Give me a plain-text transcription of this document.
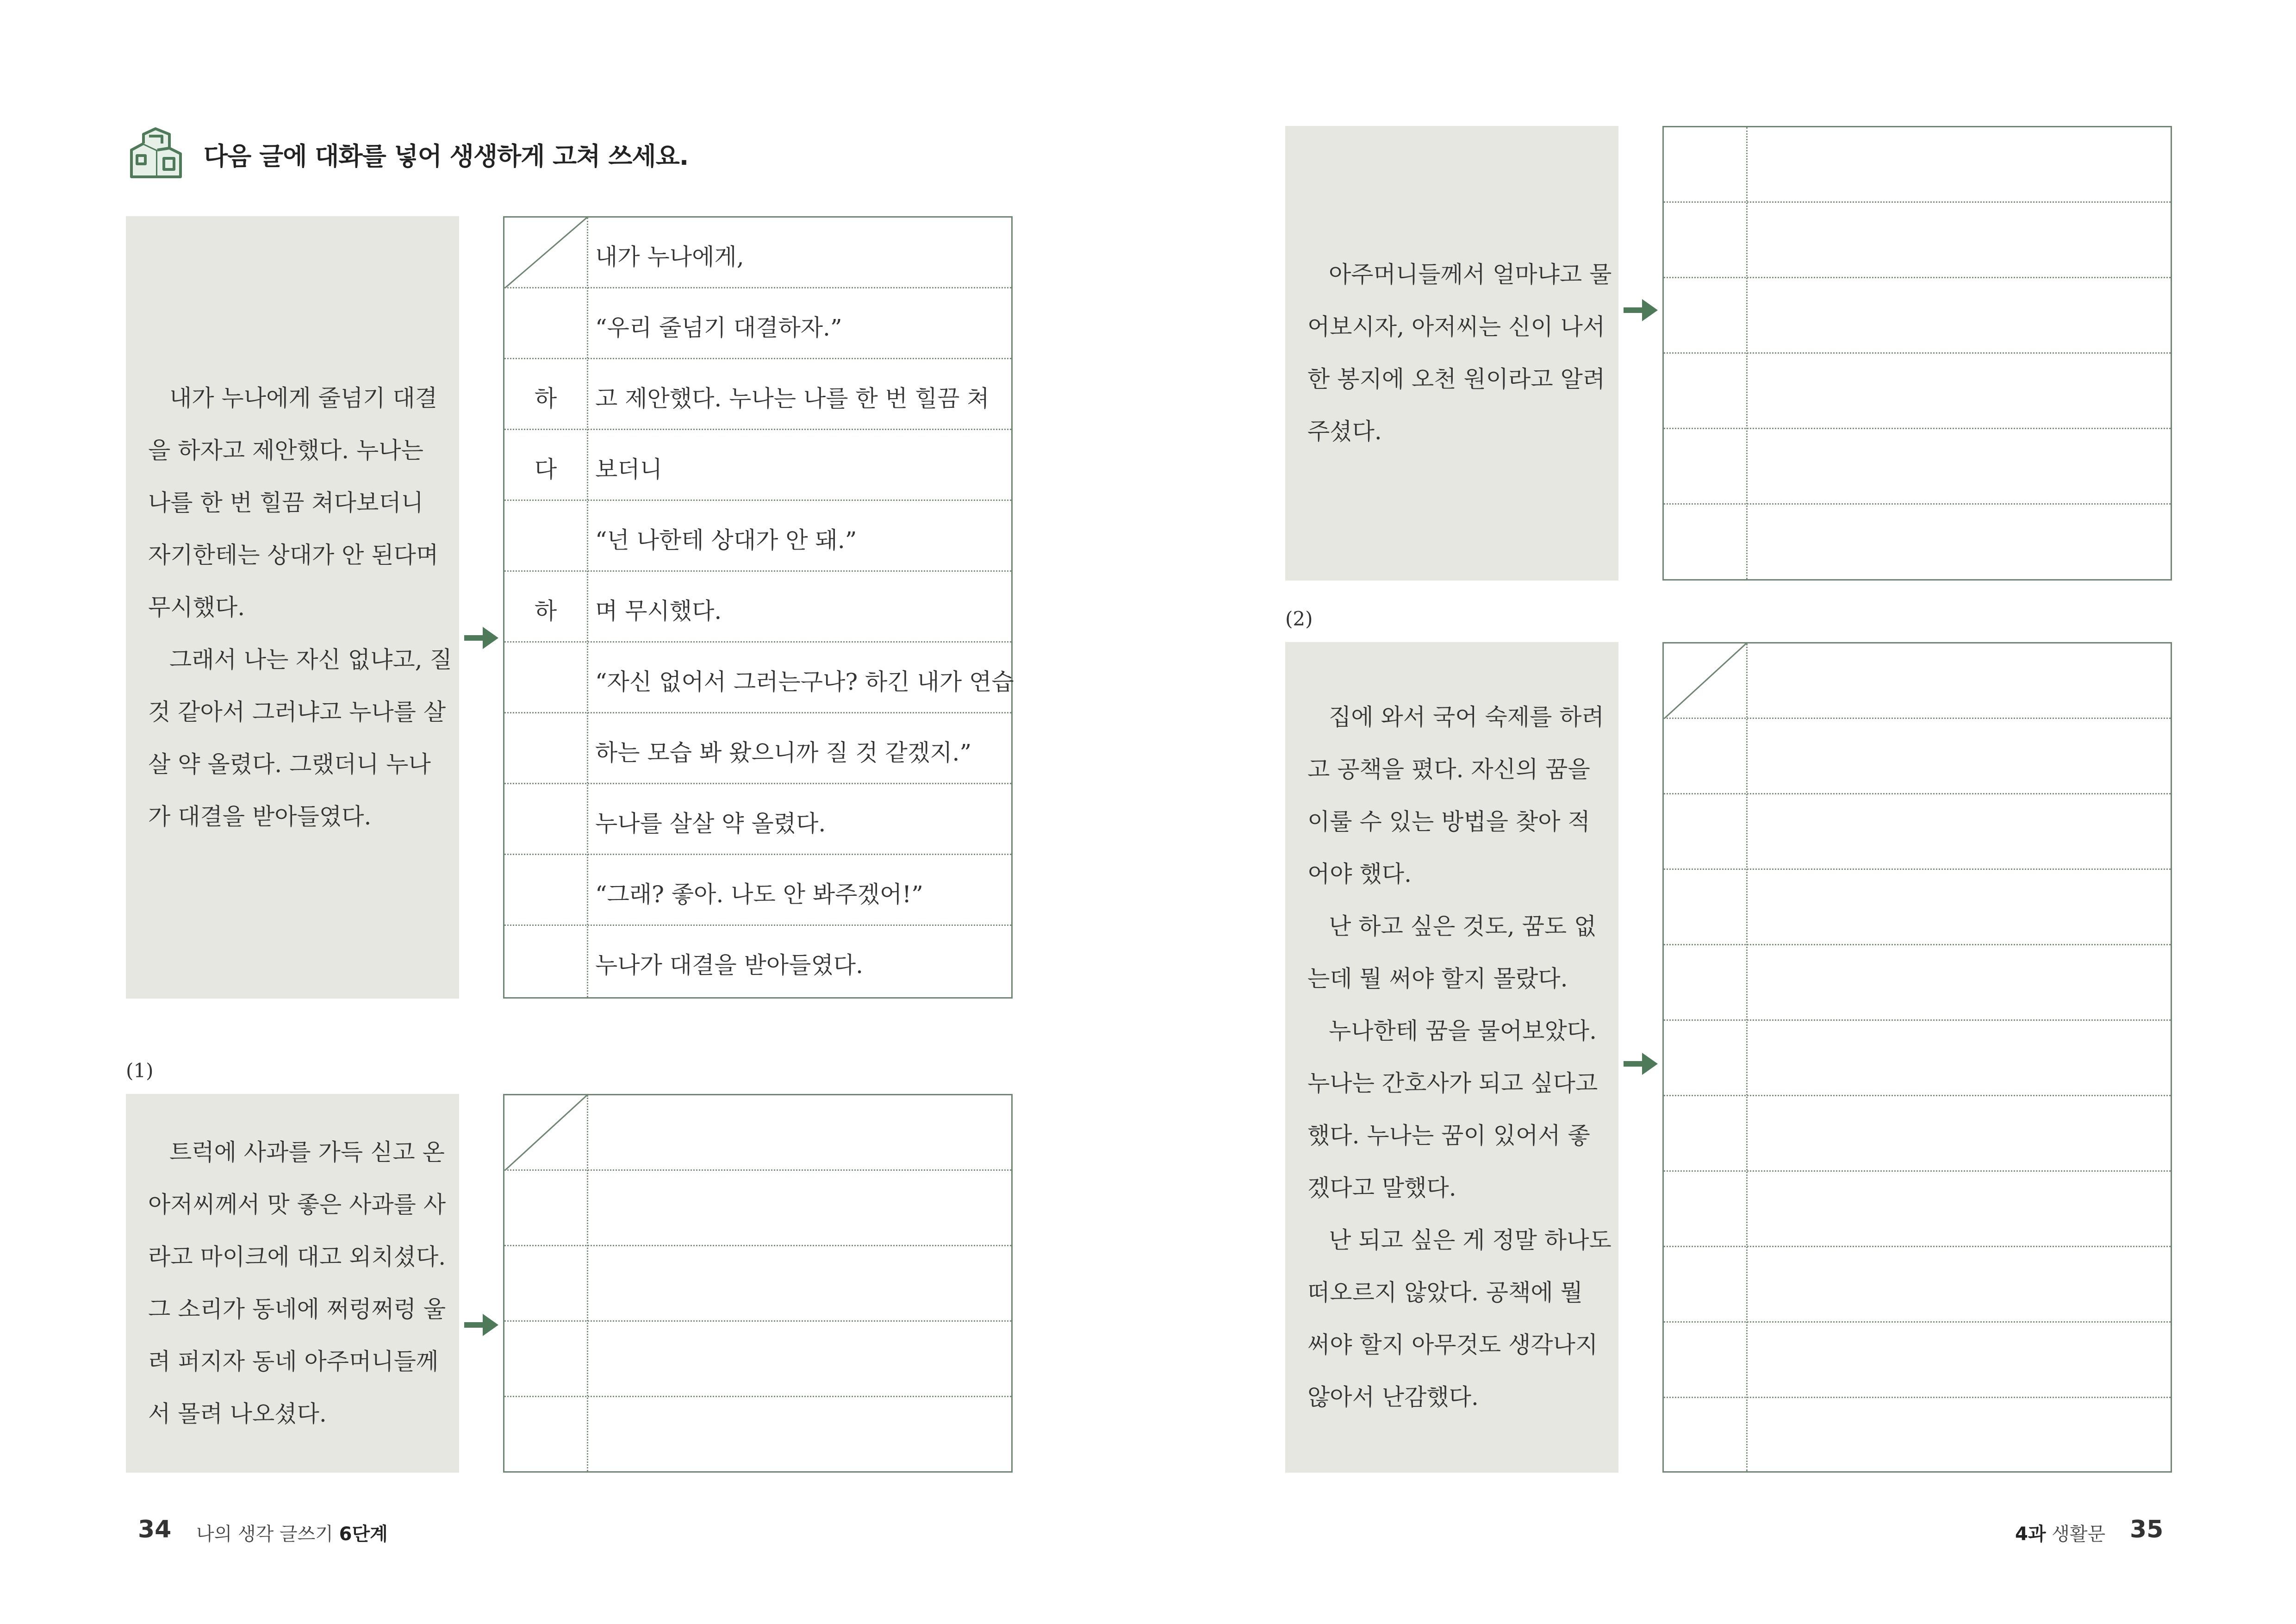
다음 글에 대화를 넣어 생생하게 고쳐 쓰세요.

내가 누나에게 줄넘기 대결

을 하자고 제안했다. 누나는

나를 한 번 힐끔 쳐다보더니

자기한테는 상대가 안 된다며

무시했다.

그래서 나는 자신 없냐고, 질

것 같아서 그러냐고 누나를 살

살 약 올렸다. 그랬더니 누나

가 대결을 받아들였다.

내가 누나에게,
“우리 줄넘기 대결하자.”
하	고 제안했다. 누나는 나를 한 번 힐끔 쳐
다	보더니
“넌 나한테 상대가 안 돼.”
하	며 무시했다.
“자신 없어서 그러는구나? 하긴 내가 연습
하는 모습 봐 왔으니까 질 것 같겠지.”
누나를 살살 약 올렸다.
“그래? 좋아. 나도 안 봐주겠어!”
누나가 대결을 받아들였다.
(1)

트럭에 사과를 가득 싣고 온

아저씨께서 맛 좋은 사과를 사

라고 마이크에 대고 외치셨다.

그 소리가 동네에 쩌렁쩌렁 울

려 퍼지자 동네 아주머니들께

서 몰려 나오셨다.

34 나의 생각 글쓰기 6단계

아주머니들께서 얼마냐고 물

어보시자, 아저씨는 신이 나서

한 봉지에 오천 원이라고 알려

주셨다.

(2)

집에 와서 국어 숙제를 하려

고 공책을 폈다. 자신의 꿈을

이룰 수 있는 방법을 찾아 적

어야 했다.

난 하고 싶은 것도, 꿈도 없

는데 뭘 써야 할지 몰랐다.

누나한테 꿈을 물어보았다.

누나는 간호사가 되고 싶다고

했다. 누나는 꿈이 있어서 좋

겠다고 말했다.

난 되고 싶은 게 정말 하나도

떠오르지 않았다. 공책에 뭘

써야 할지 아무것도 생각나지

않아서 난감했다.

4과 생활문 35
